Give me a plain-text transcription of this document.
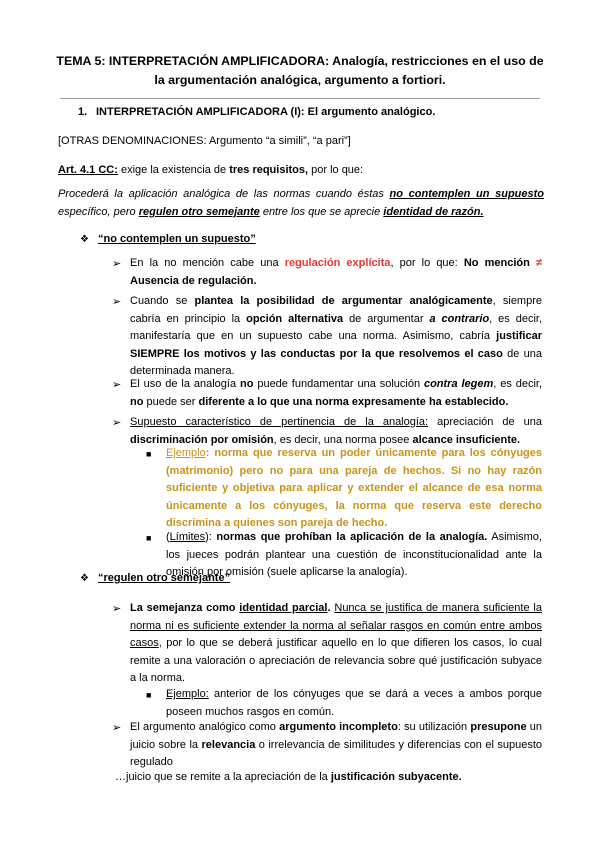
TEMA 5: INTERPRETACIÓN AMPLIFICADORA: Analogía, restricciones en el uso de
la argumentación analógica, argumento a fortiori.
1. INTERPRETACIÓN AMPLIFICADORA (I): El argumento analógico.
[OTRAS DENOMINACIONES: Argumento “a simili”, “a pari”]
Art. 4.1 CC: exige la existencia de tres requisitos, por lo que:
Procederá la aplicación analógica de las normas cuando éstas no contemplen un supuesto específico, pero regulen otro semejante entre los que se aprecie identidad de razón.
❖ “no contemplen un supuesto”
➢ En la no mención cabe una regulación explícita, por lo que: No mención ≠ Ausencia de regulación.
➢ Cuando se plantea la posibilidad de argumentar analógicamente, siempre cabría en principio la opción alternativa de argumentar a contrario, es decir, manifestaría que en un supuesto cabe una norma. Asimismo, cabría justificar SIEMPRE los motivos y las conductas por la que resolvemos el caso de una determinada manera.
➢ El uso de la analogía no puede fundamentar una solución contra legem, es decir, no puede ser diferente a lo que una norma expresamente ha establecido.
➢ Supuesto característico de pertinencia de la analogía: apreciación de una discriminación por omisión, es decir, una norma posee alcance insuficiente.
■ Ejemplo: norma que reserva un poder únicamente para los cónyuges (matrimonio) pero no para una pareja de hechos. Si no hay razón suficiente y objetiva para aplicar y extender el alcance de esa norma únicamente a los cónyuges, la norma que reserva este derecho discrimina a quienes son pareja de hecho.
■ (Límites): normas que prohíban la aplicación de la analogía. Asimismo, los jueces podrán plantear una cuestión de inconstitucionalidad ante la omisión por omisión (suele aplicarse la analogía).
❖ “regulen otro semejante”
➢ La semejanza como identidad parcial. Nunca se justifica de manera suficiente la norma ni es suficiente extender la norma al señalar rasgos en común entre ambos casos, por lo que se deberá justificar aquello en lo que difieren los casos, lo cual remite a una valoración o apreciación de relevancia sobre qué justificación subyace a la norma.
■ Ejemplo: anterior de los cónyuges que se dará a veces a ambos porque poseen muchos rasgos en común.
➢ El argumento analógico como argumento incompleto: su utilización presupone un juicio sobre la relevancia o irrelevancia de similitudes y diferencias con el supuesto regulado
…juicio que se remite a la apreciación de la justificación subyacente.
